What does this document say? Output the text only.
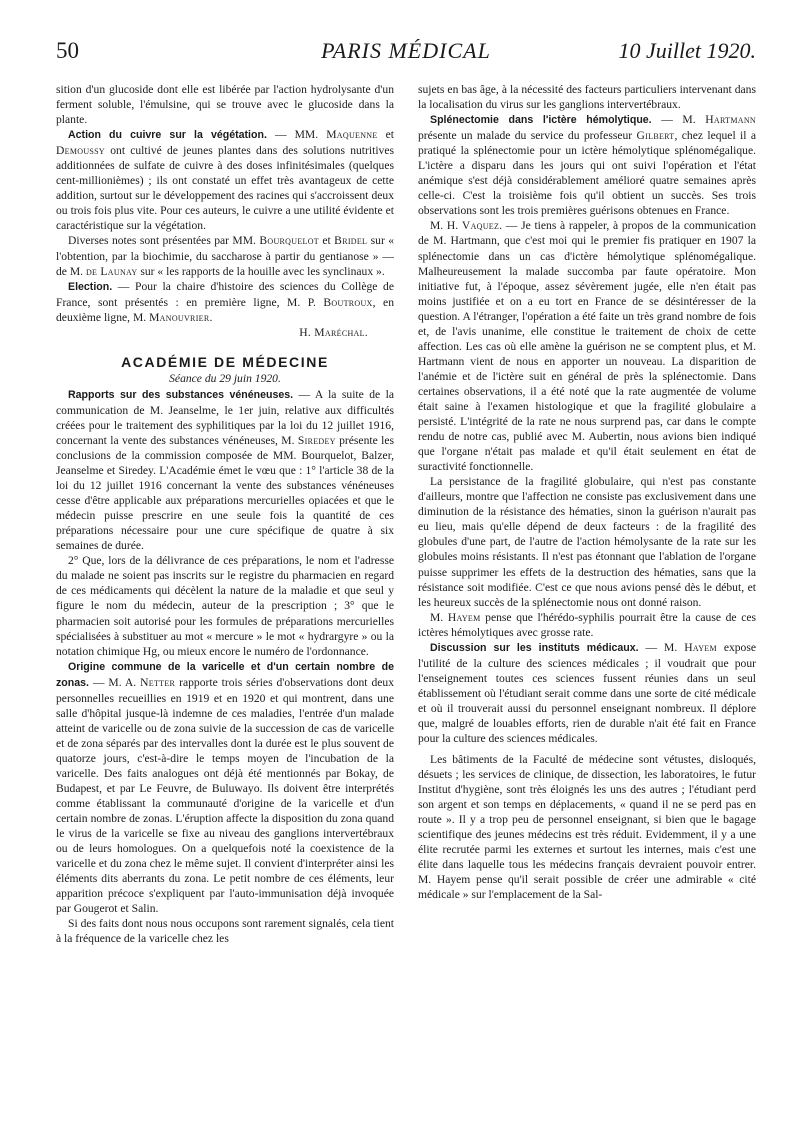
50	PARIS MÉDICAL	10 Juillet 1920.

sition d'un glucoside dont elle est libérée par l'action hydrolysante d'un ferment soluble, l'émulsine, qui se trouve avec le glucoside dans la plante.

Action du cuivre sur la végétation. — MM. Maquenne et Demoussy ont cultivé de jeunes plantes dans des solutions nutritives additionnées de sulfate de cuivre à des doses infinitésimales (quelques cent-millionièmes) ; ils ont constaté un effet très avantageux de cette addition, surtout sur le développement des racines qui s'accroissent deux ou trois fois plus vite. Pour ces auteurs, le cuivre a une utilité évidente et caractéristique sur la végétation.

Diverses notes sont présentées par MM. Bourquelot et Bridel sur « l'obtention, par la biochimie, du saccharose à partir du gentianose » — de M. de Launay sur « les rapports de la houille avec les synclinaux ».

Election. — Pour la chaire d'histoire des sciences du Collège de France, sont présentés : en première ligne, M. P. Boutroux, en deuxième ligne, M. Manouvrier.

H. Maréchal.

ACADÉMIE DE MÉDECINE
Séance du 29 juin 1920.

Rapports sur des substances vénéneuses. — A la suite de la communication de M. Jeanselme, le 1er juin, relative aux difficultés créées pour le traitement des syphilitiques par la loi du 12 juillet 1916, concernant la vente des substances vénéneuses, M. Siredey présente les conclusions de la commission composée de MM. Bourquelot, Balzer, Jeanselme et Siredey. L'Académie émet le vœu que : 1° l'article 38 de la loi du 12 juillet 1916 concernant la vente des substances vénéneuses cesse d'être applicable aux préparations mercurielles opiacées et que le médecin puisse prescrire en une seule fois la quantité de ces préparations nécessaire pour une cure spécifique de quatre à six semaines de durée.

2° Que, lors de la délivrance de ces préparations, le nom et l'adresse du malade ne soient pas inscrits sur le registre du pharmacien en regard de ces médicaments qui décèlent la nature de la maladie et que seul y figure le nom du médecin, auteur de la prescription ; 3° que le pharmacien soit autorisé pour les formules de préparations mercurielles spécialisées à substituer au mot « mercure » le mot « hydrargyre » ou la notation chimique Hg, ou mieux encore le numéro de l'ordonnance.

Origine commune de la varicelle et d'un certain nombre de zonas. — M. A. Netter rapporte trois séries d'observations dont deux personnelles recueillies en 1919 et en 1920 et qui montrent, dans une salle d'hôpital jusque-là indemne de ces maladies, l'entrée d'un malade atteint de varicelle ou de zona suivie de la succession de cas de varicelle et de zona séparés par des intervalles dont la durée est le plus souvent de quatorze jours, c'est-à-dire le temps moyen de l'incubation de la varicelle. Des faits analogues ont déjà été mentionnés par Bokay, de Budapest, et par Le Feuvre, de Buluwayo. Ils doivent être interprétés comme établissant la communauté d'origine de la varicelle et d'un certain nombre de zonas. L'éruption affecte la disposition du zona quand le virus de la varicelle se fixe au niveau des ganglions intervertébraux ou de leurs homologues. On a quelquefois noté la coexistence de la varicelle et du zona chez le même sujet. Il convient d'interpréter ainsi les éléments dits aberrants du zona. Le petit nombre de ces éléments, leur apparition précoce s'expliquent par l'auto-immunisation déjà invoquée par Gougerot et Salin.

Si des faits dont nous nous occupons sont rarement signalés, cela tient à la fréquence de la varicelle chez les

sujets en bas âge, à la nécessité des facteurs particuliers intervenant dans la localisation du virus sur les ganglions intervertébraux.

Splénectomie dans l'ictère hémolytique. — M. Hartmann présente un malade du service du professeur Gilbert, chez lequel il a pratiqué la splénectomie pour un ictère hémolytique splénomégalique. L'ictère a disparu dans les jours qui ont suivi l'opération et l'état anémique s'est déjà considérablement amélioré quatre semaines après celle-ci. C'est la troisième fois qu'il obtient un succès. Ses trois observations sont les trois premières guérisons obtenues en France.

M. H. Vaquez. — Je tiens à rappeler, à propos de la communication de M. Hartmann, que c'est moi qui le premier fis pratiquer en 1907 la splénectomie dans un cas d'ictère hémolytique splénomégalique. Malheureusement la malade succomba par faute opératoire. Mon initiative fut, à l'époque, assez sévèrement jugée, elle n'en était pas moins justifiée et on a eu tort en France de se désintéresser de la question. A l'étranger, l'opération a été faite un très grand nombre de fois et, de l'avis unanime, elle constitue le traitement de choix de cette affection. Les cas où elle amène la guérison ne se comptent plus, et M. Hartmann vient de nous en apporter un nouveau. La disparition de l'anémie et de l'ictère suit en général de près la splénectomie. Dans certaines observations, il a été noté que la rate augmentée de volume était saine à l'examen histologique et que la fragilité globulaire a persisté. L'intégrité de la rate ne nous surprend pas, car dans le compte rendu de notre cas, publié avec M. Aubertin, nous avions bien indiqué que l'organe n'était pas malade et qu'il était seulement en état de suractivité fonctionnelle.

La persistance de la fragilité globulaire, qui n'est pas constante d'ailleurs, montre que l'affection ne consiste pas exclusivement dans une diminution de la résistance des hématies, sinon la guérison n'aurait pas eu lieu, mais qu'elle dépend de deux facteurs : de la fragilité des globules d'une part, de l'autre de l'action hémolysante de la rate sur les globules moins résistants. Il n'est pas étonnant que l'ablation de l'organe puisse supprimer les effets de la destruction des hématies, sans que la résistance soit modifiée. C'est ce que nous avions pensé dès le début, et les heureux succès de la splénectomie nous ont donné raison.

M. Hayem pense que l'hérédo-syphilis pourrait être la cause de ces ictères hémolytiques avec grosse rate.

Discussion sur les instituts médicaux. — M. Hayem expose l'utilité de la culture des sciences médicales ; il voudrait que pour l'enseignement toutes ces sciences fussent réunies dans un seul établissement où l'étudiant serait comme dans une sorte de cité médicale et où il trouverait aussi du personnel enseignant nombreux. Il déplore que, malgré de louables efforts, rien de durable n'ait été fait en France pour la culture des sciences médicales.

Les bâtiments de la Faculté de médecine sont vétustes, disloqués, désuets ; les services de clinique, de dissection, les laboratoires, le futur Institut d'hygiène, sont très éloignés les uns des autres ; l'étudiant perd son argent et son temps en déplacements, « quand il ne se perd pas en route ». Il y a trop peu de personnel enseignant, si bien que le bagage scientifique des jeunes médecins est très réduit. Evidemment, il y a une élite recrutée parmi les externes et surtout les internes, mais c'est une élite dans laquelle tous les médecins français devraient pouvoir entrer. M. Hayem pense qu'il serait possible de créer une admirable « cité médicale » sur l'emplacement de la Sal-
